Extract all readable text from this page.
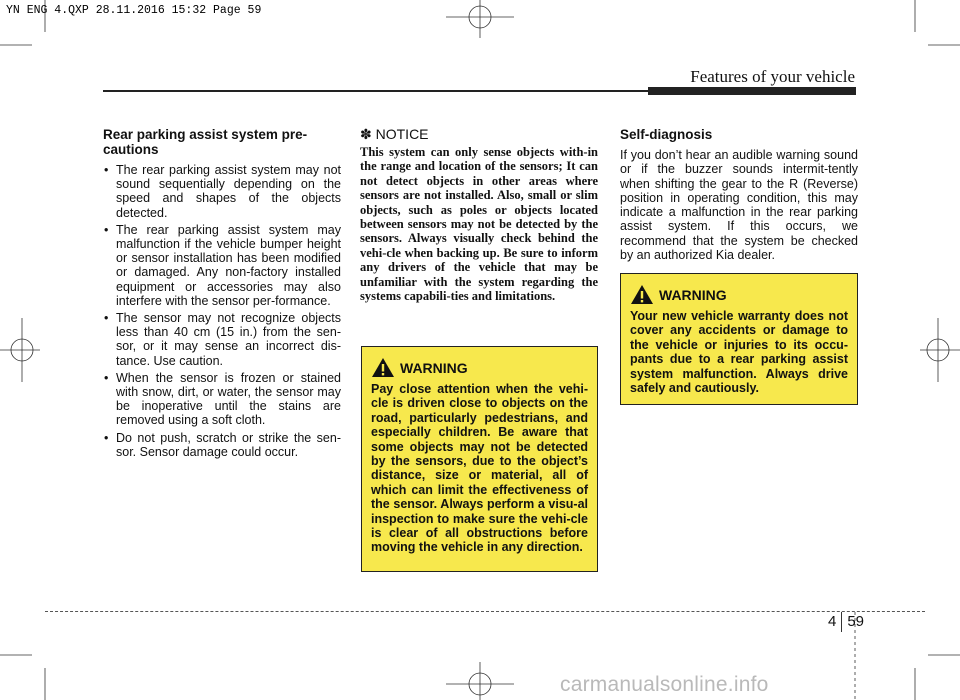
YN ENG 4.QXP 28.11.2016 15:32 Page 59
Features of your vehicle
Rear parking assist system pre-cautions
• The rear parking assist system may not sound sequentially depending on the speed and shapes of the objects detected.
• The rear parking assist system may malfunction if the vehicle bumper height or sensor installation has been modified or damaged. Any non-factory installed equipment or accessories may also interfere with the sensor per-formance.
• The sensor may not recognize objects less than 40 cm (15 in.) from the sen-sor, or it may sense an incorrect dis-tance. Use caution.
• When the sensor is frozen or stained with snow, dirt, or water, the sensor may be inoperative until the stains are removed using a soft cloth.
• Do not push, scratch or strike the sen-sor. Sensor damage could occur.
✽ NOTICE

This system can only sense objects with-in the range and location of the sensors; It can not detect objects in other areas where sensors are not installed. Also, small or slim objects, such as poles or objects located between sensors may not be detected by the sensors. Always visually check behind the vehi-cle when backing up. Be sure to inform any drivers of the vehicle that may be unfamiliar with the system regarding the systems capabili-ties and limitations.

WARNING

Pay close attention when the vehi-cle is driven close to objects on the road, particularly pedestrians, and especially children. Be aware that some objects may not be detected by the sensors, due to the object’s distance, size or material, all of which can limit the effectiveness of the sensor. Always perform a visu-al inspection to make sure the vehi-cle is clear of all obstructions before moving the vehicle in any direction.

Self-diagnosis

If you don’t hear an audible warning sound or if the buzzer sounds intermit-tently when shifting the gear to the R (Reverse) position in operating condition, this may indicate a malfunction in the rear parking assist system. If this occurs, we recommend that the system be checked by an authorized Kia dealer.

WARNING

Your new vehicle warranty does not cover any accidents or damage to the vehicle or injuries to its occu-pants due to a rear parking assist system malfunction. Always drive safely and cautiously.

4 59
carmanualsonline.info
